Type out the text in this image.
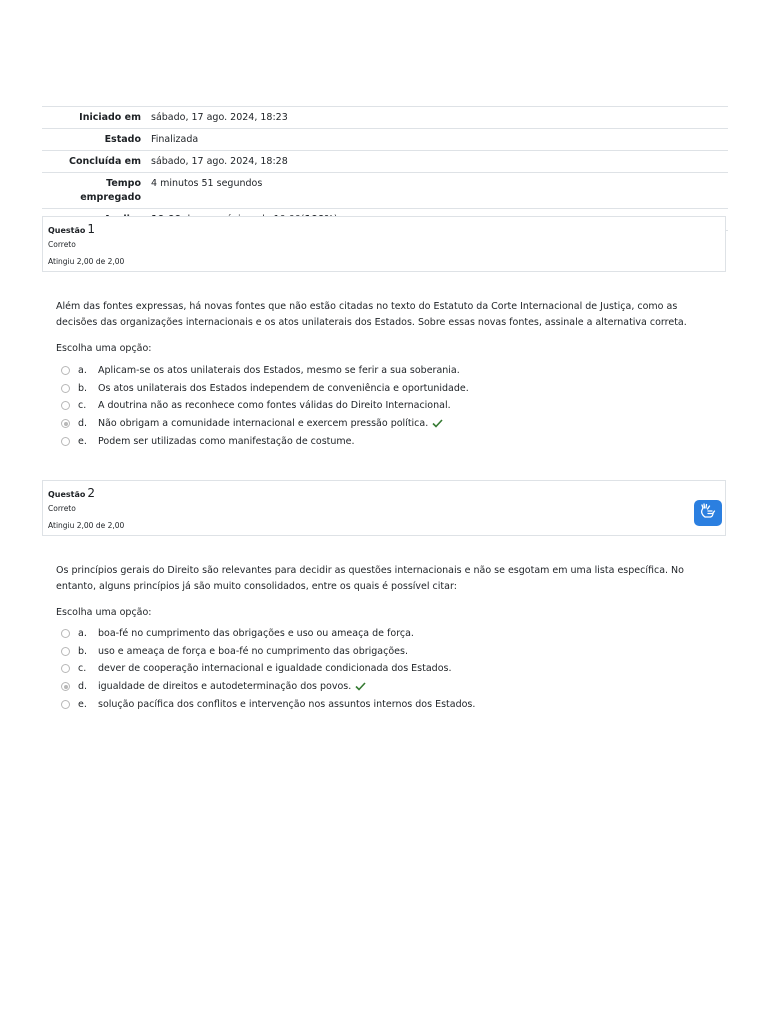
Iniciado em	sábado, 17 ago. 2024, 18:23
Estado	Finalizada
Concluída em	sábado, 17 ago. 2024, 18:28
Tempo empregado	4 minutos 51 segundos

Questão 1
Correto
Atingiu 2,00 de 2,00
Além das fontes expressas, há novas fontes que não estão citadas no texto do Estatuto da Corte Internacional de Justiça, como as decisões das organizações internacionais e os atos unilaterais dos Estados. Sobre essas novas fontes, assinale a alternativa correta.
Escolha uma opção:
a.	Aplicam-se os atos unilaterais dos Estados, mesmo se ferir a sua soberania.
b.	Os atos unilaterais dos Estados independem de conveniência e oportunidade.
c.	A doutrina não as reconhece como fontes válidas do Direito Internacional.
d.	Não obrigam a comunidade internacional e exercem pressão política.
e.	Podem ser utilizadas como manifestação de costume.
Questão 2
Correto
Atingiu 2,00 de 2,00
Os princípios gerais do Direito são relevantes para decidir as questões internacionais e não se esgotam em uma lista específica. No entanto, alguns princípios já são muito consolidados, entre os quais é possível citar:
Escolha uma opção:
a.	boa-fé no cumprimento das obrigações e uso ou ameaça de força.
b.	uso e ameaça de força e boa-fé no cumprimento das obrigações.
c.	dever de cooperação internacional e igualdade condicionada dos Estados.
d.	igualdade de direitos e autodeterminação dos povos.
e.	solução pacífica dos conflitos e intervenção nos assuntos internos dos Estados.
